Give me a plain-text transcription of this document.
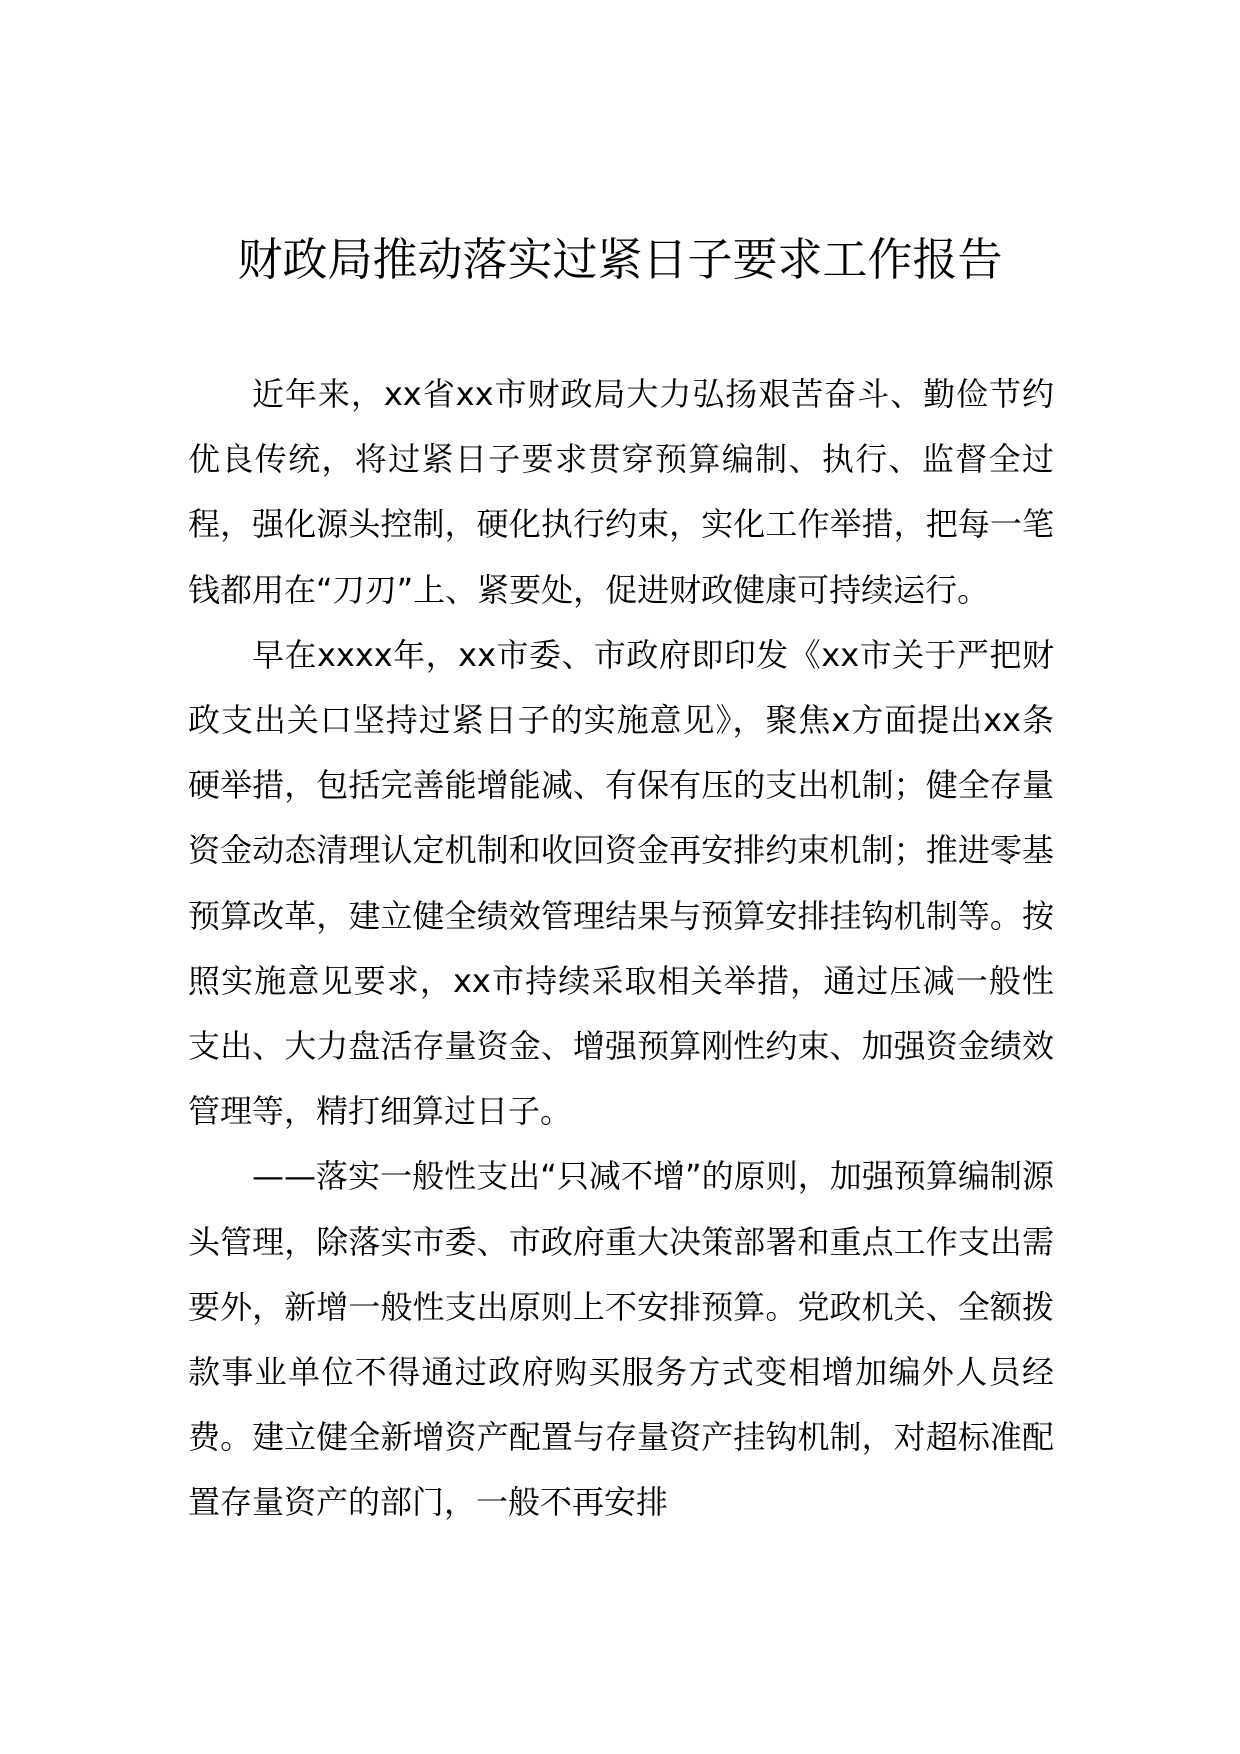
财政局推动落实过紧日子要求工作报告

近年来，xx省xx市财政局大力弘扬艰苦奋斗、勤俭节约优良传统，将过紧日子要求贯穿预算编制、执行、监督全过程，强化源头控制，硬化执行约束，实化工作举措，把每一笔钱都用在“刀刃”上、紧要处，促进财政健康可持续运行。

早在xxxx年，xx市委、市政府即印发《xx市关于严把财政支出关口坚持过紧日子的实施意见》，聚焦x方面提出xx条硬举措，包括完善能增能减、有保有压的支出机制；健全存量资金动态清理认定机制和收回资金再安排约束机制；推进零基预算改革，建立健全绩效管理结果与预算安排挂钩机制等。按照实施意见要求，xx市持续采取相关举措，通过压减一般性支出、大力盘活存量资金、增强预算刚性约束、加强资金绩效管理等，精打细算过日子。

——落实一般性支出“只减不增”的原则，加强预算编制源头管理，除落实市委、市政府重大决策部署和重点工作支出需要外，新增一般性支出原则上不安排预算。党政机关、全额拨款事业单位不得通过政府购买服务方式变相增加编外人员经费。建立健全新增资产配置与存量资产挂钩机制，对超标准配置存量资产的部门，一般不再安排
